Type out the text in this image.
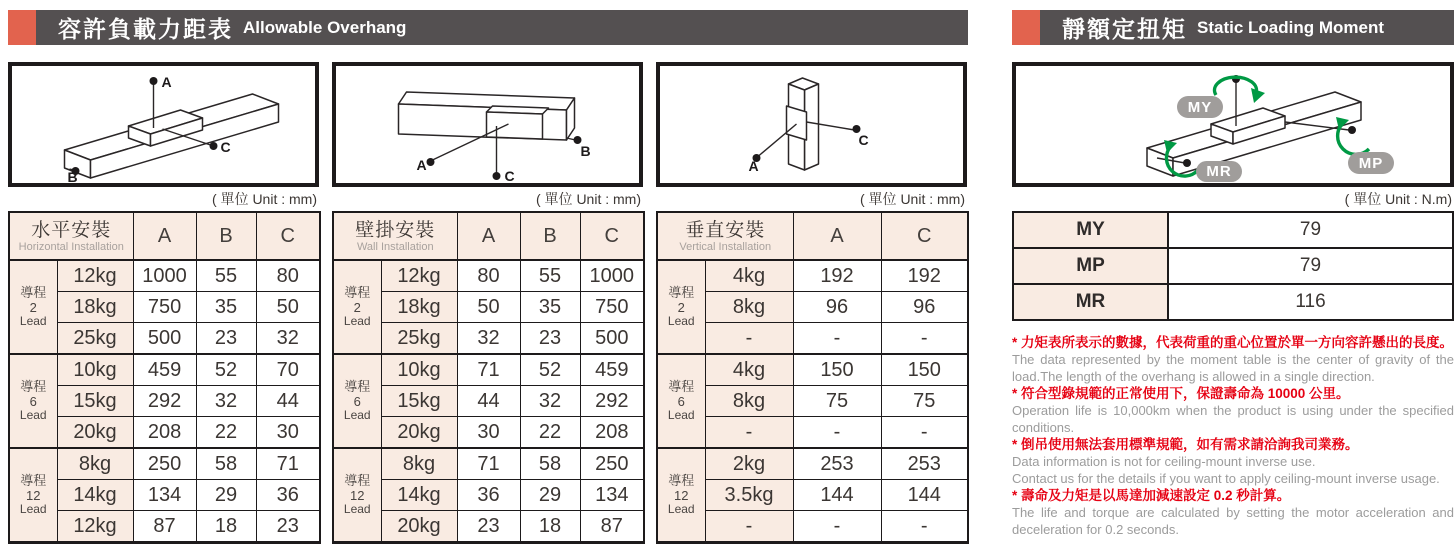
容許負載力距表 Allowable Overhang
A
B
C
( 單位 Unit : mm)
水平安裝
Horizontal Installation		A	B	C

導程
2
Lead	12kg	1000	55	80
	18kg	750	35	50
	25kg	500	23	32

導程
6
Lead	10kg	459	52	70
	15kg	292	32	44
	20kg	208	22	30

導程
12
Lead	8kg	250	58	71
	14kg	134	29	36
	12kg	87	18	23
A
B
C
( 單位 Unit : mm)
壁掛安裝
Wall Installation		A	B	C

導程
2
Lead	12kg	80	55	1000
	18kg	50	35	750
	25kg	32	23	500

導程
6
Lead	10kg	71	52	459
	15kg	44	32	292
	20kg	30	22	208

導程
12
Lead	8kg	71	58	250
	14kg	36	29	134
	20kg	23	18	87
A
C
( 單位 Unit : mm)
垂直安裝
Vertical Installation		A	C

導程
2
Lead	4kg	192	192
	8kg	96	96
	-	-	-

導程
6
Lead	4kg	150	150
	8kg	75	75
	-	-	-

導程
12
Lead	2kg	253	253
	3.5kg	144	144
	-	-	-
靜額定扭矩 Static Loading Moment
MY
MP
MR
( 單位 Unit : N.m)
MY	79
MP	79
MR	116

* 力矩表所表示的數據，代表荷重的重心位置於單一方向容許懸出的長度。

The data represented by the moment table is the center of gravity of the load.The length of the overhang is allowed in a single direction.

* 符合型錄規範的正常使用下，保證壽命為 10000 公里。

Operation life is 10,000km when the product is using under the specified conditions.

* 倒吊使用無法套用標準規範，如有需求請洽詢我司業務。

Data information is not for ceiling-mount inverse use.

Contact us for the details if you want to apply ceiling-mount inverse usage.

* 壽命及力矩是以馬達加減速設定 0.2 秒計算。

The life and torque are calculated by setting the motor acceleration and deceleration for 0.2 seconds.
